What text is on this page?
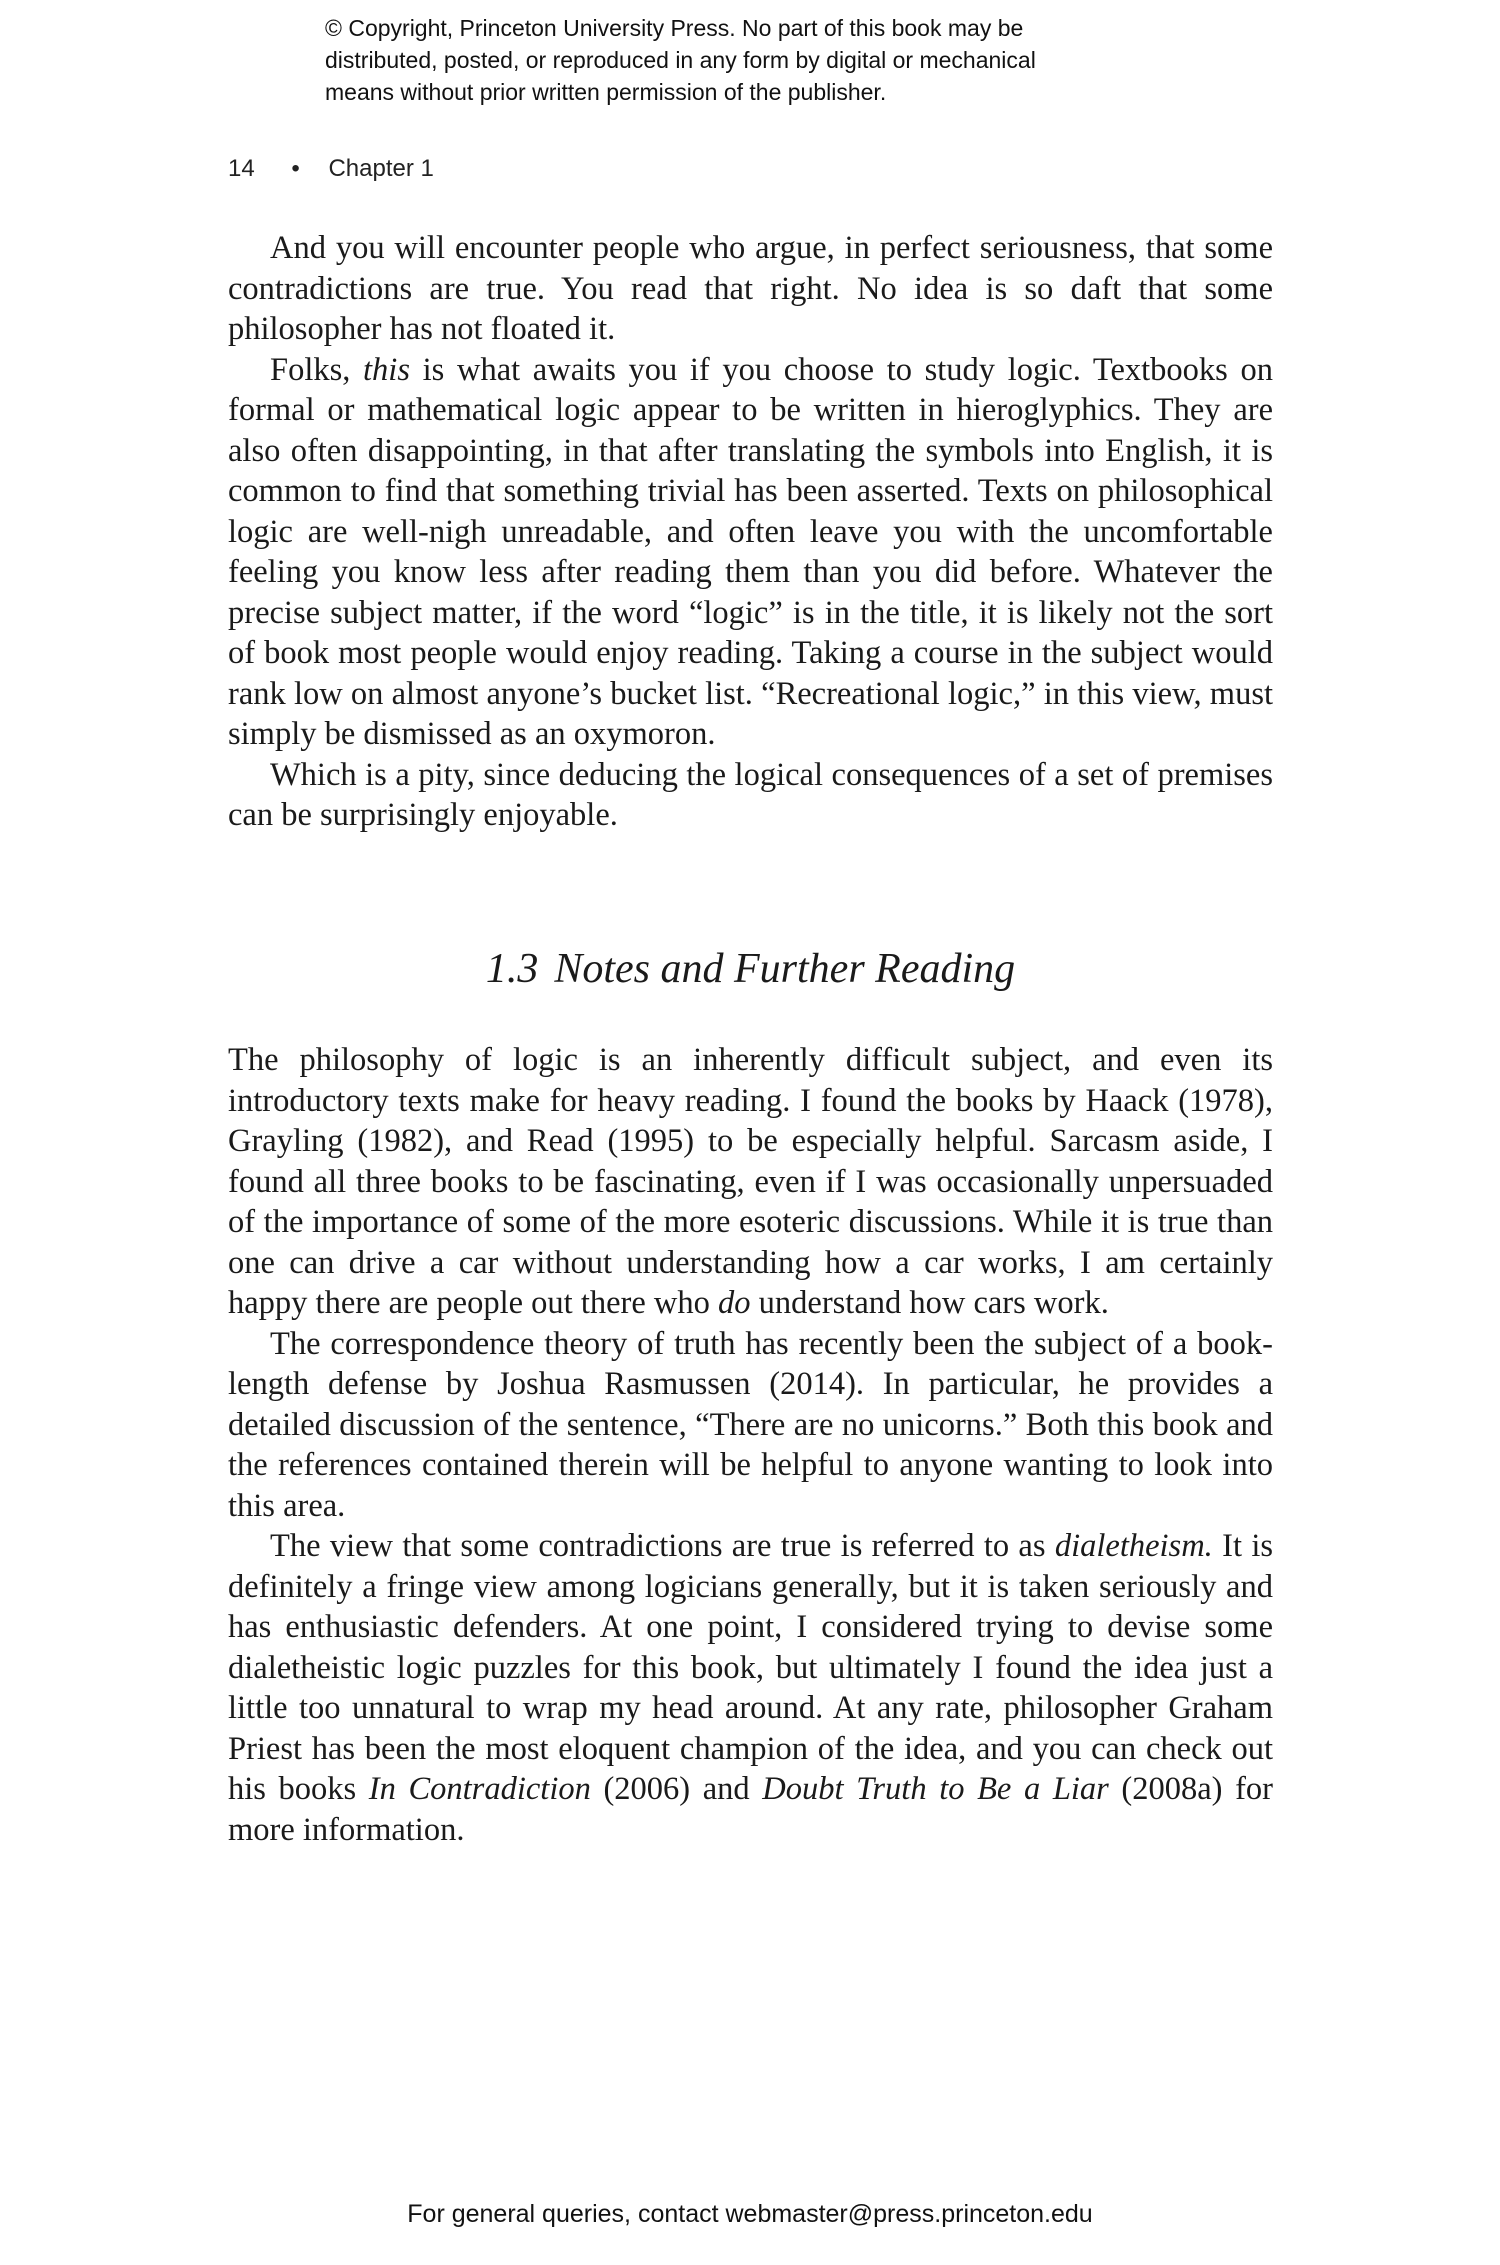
© Copyright, Princeton University Press. No part of this book may be
distributed, posted, or reproduced in any form by digital or mechanical
means without prior written permission of the publisher.
14 • Chapter 1

And you will encounter people who argue, in perfect seriousness, that some contradictions are true. You read that right. No idea is so daft that some philosopher has not floated it.

Folks, this is what awaits you if you choose to study logic. Textbooks on formal or mathematical logic appear to be written in hieroglyphics. They are also often disappointing, in that after translating the symbols into English, it is common to find that something trivial has been asserted. Texts on philosophical logic are well-nigh unreadable, and often leave you with the uncomfortable feeling you know less after reading them than you did before. Whatever the precise subject matter, if the word “logic” is in the title, it is likely not the sort of book most people would enjoy reading. Taking a course in the subject would rank low on almost anyone’s bucket list. “Recreational logic,” in this view, must simply be dismissed as an oxymoron.

Which is a pity, since deducing the logical consequences of a set of premises can be surprisingly enjoyable.

1.3 Notes and Further Reading

The philosophy of logic is an inherently difficult subject, and even its introductory texts make for heavy reading. I found the books by Haack (1978), Grayling (1982), and Read (1995) to be especially helpful. Sarcasm aside, I found all three books to be fascinating, even if I was occasionally unpersuaded of the importance of some of the more esoteric discussions. While it is true than one can drive a car without understanding how a car works, I am certainly happy there are people out there who do understand how cars work.

The correspondence theory of truth has recently been the subject of a book-length defense by Joshua Rasmussen (2014). In particular, he provides a detailed discussion of the sentence, “There are no unicorns.” Both this book and the references contained therein will be helpful to anyone wanting to look into this area.

The view that some contradictions are true is referred to as dialetheism. It is definitely a fringe view among logicians generally, but it is taken seriously and has enthusiastic defenders. At one point, I considered trying to devise some dialetheistic logic puzzles for this book, but ultimately I found the idea just a little too unnatural to wrap my head around. At any rate, philosopher Graham Priest has been the most eloquent champion of the idea, and you can check out his books In Contradiction (2006) and Doubt Truth to Be a Liar (2008a) for more information.

For general queries, contact webmaster@press.princeton.edu
